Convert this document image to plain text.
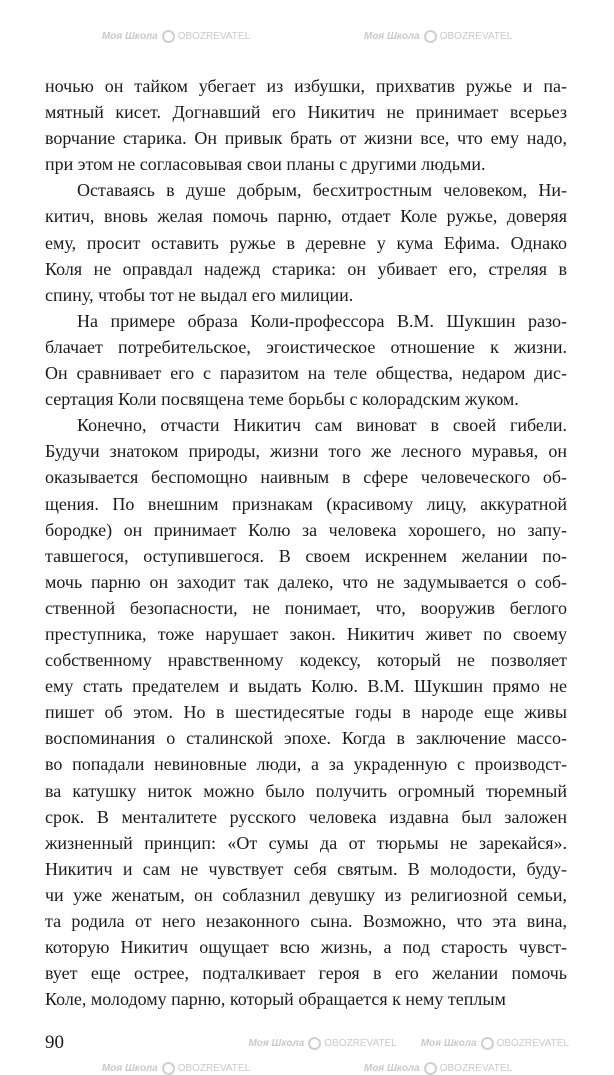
Моя Школа OBOZREVATEL	Моя Школа OBOZREVATEL
ночью он тайком убегает из избушки, прихватив ружье и па-
мятный кисет. Догнавший его Никитич не принимает всерьез
ворчание старика. Он привык брать от жизни все, что ему надо,
при этом не согласовывая свои планы с другими людьми.
Оставаясь в душе добрым, бесхитростным человеком, Ни-
китич, вновь желая помочь парню, отдает Коле ружье, доверяя
ему, просит оставить ружье в деревне у кума Ефима. Однако
Коля не оправдал надежд старика: он убивает его, стреляя в
спину, чтобы тот не выдал его милиции.
На примере образа Коли-профессора В.М. Шукшин разо-
блачает потребительское, эгоистическое отношение к жизни.
Он сравнивает его с паразитом на теле общества, недаром дис-
сертация Коли посвящена теме борьбы с колорадским жуком.
Конечно, отчасти Никитич сам виноват в своей гибели.
Будучи знатоком природы, жизни того же лесного муравья, он
оказывается беспомощно наивным в сфере человеческого об-
щения. По внешним признакам (красивому лицу, аккуратной
бородке) он принимает Колю за человека хорошего, но запу-
тавшегося, оступившегося. В своем искреннем желании по-
мочь парню он заходит так далеко, что не задумывается о соб-
ственной безопасности, не понимает, что, вооружив беглого
преступника, тоже нарушает закон. Никитич живет по своему
собственному нравственному кодексу, который не позволяет
ему стать предателем и выдать Колю. В.М. Шукшин прямо не
пишет об этом. Но в шестидесятые годы в народе еще живы
воспоминания о сталинской эпохе. Когда в заключение массо-
во попадали невиновные люди, а за украденную с производст-
ва катушку ниток можно было получить огромный тюремный
срок. В менталитете русского человека издавна был заложен
жизненный принцип: «От сумы да от тюрьмы не зарекайся».
Никитич и сам не чувствует себя святым. В молодости, буду-
чи уже женатым, он соблазнил девушку из религиозной семьи,
та родила от него незаконного сына. Возможно, что эта вина,
которую Никитич ощущает всю жизнь, а под старость чувст-
вует еще острее, подталкивает героя в его желании помочь
Коле, молодому парню, который обращается к нему теплым
90	Моя Школа OBOZREVATEL Моя Школа OBOZREVATEL
Моя Школа OBOZREVATEL	Моя Школа OBOZREVATEL
